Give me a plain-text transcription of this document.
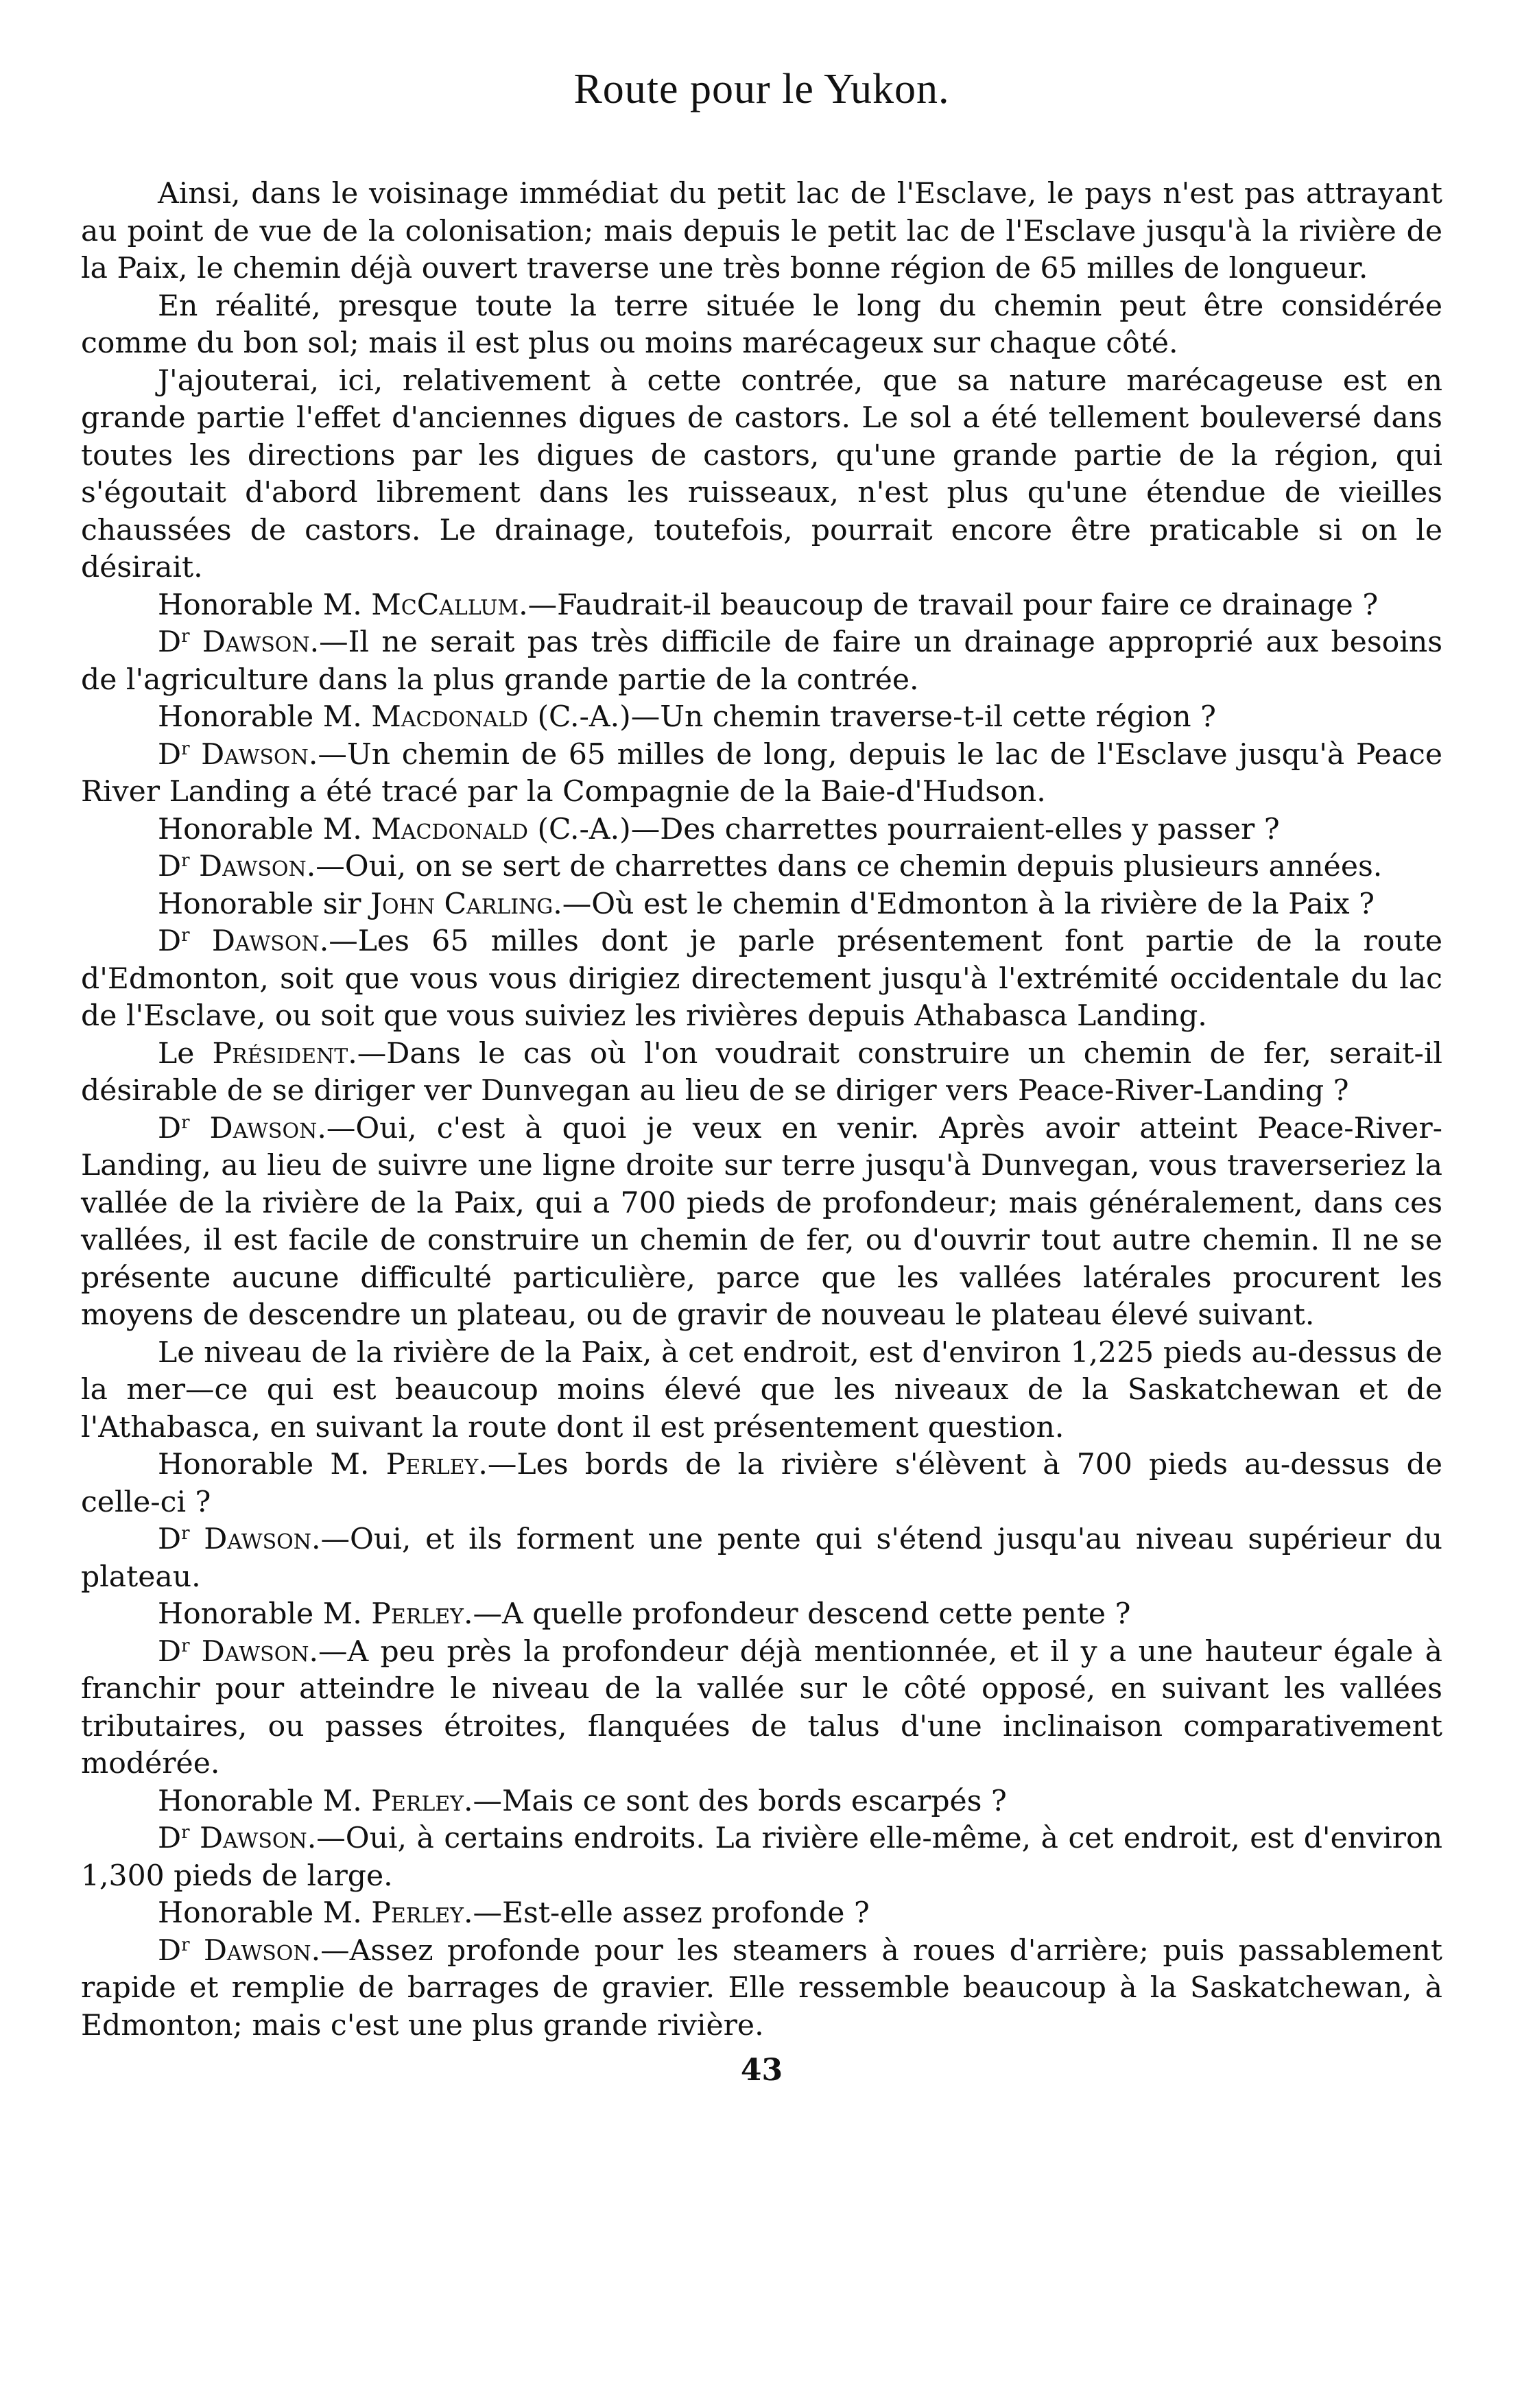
Route pour le Yukon.

Ainsi, dans le voisinage immédiat du petit lac de l'Esclave, le pays n'est pas attrayant au point de vue de la colonisation; mais depuis le petit lac de l'Esclave jusqu'à la rivière de la Paix, le chemin déjà ouvert traverse une très bonne région de 65 milles de longueur.

En réalité, presque toute la terre située le long du chemin peut être considérée comme du bon sol; mais il est plus ou moins marécageux sur chaque côté.

J'ajouterai, ici, relativement à cette contrée, que sa nature marécageuse est en grande partie l'effet d'anciennes digues de castors. Le sol a été tellement bouleversé dans toutes les directions par les digues de castors, qu'une grande partie de la région, qui s'égoutait d'abord librement dans les ruisseaux, n'est plus qu'une étendue de vieilles chaussées de castors. Le drainage, toutefois, pourrait encore être praticable si on le désirait.

Honorable M. McCallum.—Faudrait-il beaucoup de travail pour faire ce drainage ?

$D^r$ Dawson.—Il ne serait pas très difficile de faire un drainage approprié aux besoins de l'agriculture dans la plus grande partie de la contrée.

Honorable M. Macdonald (C.-A.)—Un chemin traverse-t-il cette région ?

$D^r$ Dawson.—Un chemin de 65 milles de long, depuis le lac de l'Esclave jusqu'à Peace River Landing a été tracé par la Compagnie de la Baie-d'Hudson.

Honorable M. Macdonald (C.-A.)—Des charrettes pourraient-elles y passer ?

$D^r$ Dawson.—Oui, on se sert de charrettes dans ce chemin depuis plusieurs années.

Honorable sir John Carling.—Où est le chemin d'Edmonton à la rivière de la Paix ?

$D^r$ Dawson.—Les 65 milles dont je parle présentement font partie de la route d'Edmonton, soit que vous vous dirigiez directement jusqu'à l'extrémité occidentale du lac de l'Esclave, ou soit que vous suiviez les rivières depuis Athabasca Landing.

Le Président.—Dans le cas où l'on voudrait construire un chemin de fer, serait-il désirable de se diriger ver Dunvegan au lieu de se diriger vers Peace-River-Landing ?

$D^r$ Dawson.—Oui, c'est à quoi je veux en venir. Après avoir atteint Peace-River-Landing, au lieu de suivre une ligne droite sur terre jusqu'à Dunvegan, vous traverseriez la vallée de la rivière de la Paix, qui a 700 pieds de profondeur; mais généralement, dans ces vallées, il est facile de construire un chemin de fer, ou d'ouvrir tout autre chemin. Il ne se présente aucune difficulté particulière, parce que les vallées latérales procurent les moyens de descendre un plateau, ou de gravir de nouveau le plateau élevé suivant.

Le niveau de la rivière de la Paix, à cet endroit, est d'environ 1,225 pieds au-dessus de la mer—ce qui est beaucoup moins élevé que les niveaux de la Saskatchewan et de l'Athabasca, en suivant la route dont il est présentement question.

Honorable M. Perley.—Les bords de la rivière s'élèvent à 700 pieds au-dessus de celle-ci ?

$D^r$ Dawson.—Oui, et ils forment une pente qui s'étend jusqu'au niveau supérieur du plateau.

Honorable M. Perley.—A quelle profondeur descend cette pente ?

$D^r$ Dawson.—A peu près la profondeur déjà mentionnée, et il y a une hauteur égale à franchir pour atteindre le niveau de la vallée sur le côté opposé, en suivant les vallées tributaires, ou passes étroites, flanquées de talus d'une inclinaison comparativement modérée.

Honorable M. Perley.—Mais ce sont des bords escarpés ?

$D^r$ Dawson.—Oui, à certains endroits. La rivière elle-même, à cet endroit, est d'environ 1,300 pieds de large.

Honorable M. Perley.—Est-elle assez profonde ?

$D^r$ Dawson.—Assez profonde pour les steamers à roues d'arrière; puis passablement rapide et remplie de barrages de gravier. Elle ressemble beaucoup à la Saskatchewan, à Edmonton; mais c'est une plus grande rivière.

43
